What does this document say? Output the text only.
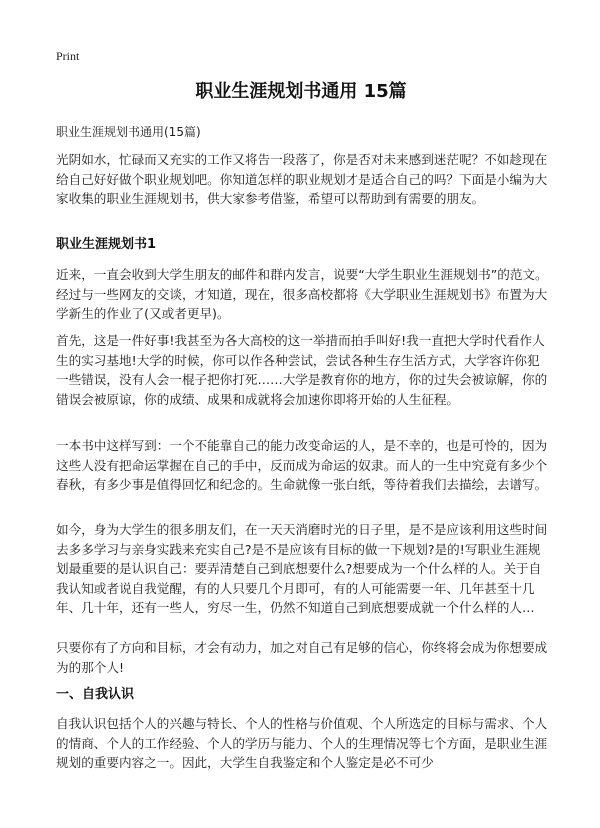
Print
职业生涯规划书通用 15篇
职业生涯规划书通用(15篇)

光阴如水，忙碌而又充实的工作又将告一段落了，你是否对未来感到迷茫呢？不如趁现在给自己好好做个职业规划吧。你知道怎样的职业规划才是适合自己的吗？下面是小编为大家收集的职业生涯规划书，供大家参考借鉴，希望可以帮助到有需要的朋友。

职业生涯规划书1

近来，一直会收到大学生朋友的邮件和群内发言，说要“大学生职业生涯规划书”的范文。经过与一些网友的交谈，才知道，现在，很多高校都将《大学职业生涯规划书》布置为大学新生的作业了(又或者更早)。

首先，这是一件好事!我甚至为各大高校的这一举措而拍手叫好!我一直把大学时代看作人生的实习基地!大学的时候，你可以作各种尝试，尝试各种生存生活方式，大学容许你犯一些错误，没有人会一棍子把你打死……大学是教育你的地方，你的过失会被谅解，你的错误会被原谅，你的成绩、成果和成就将会加速你即将开始的人生征程。

一本书中这样写到：一个不能靠自己的能力改变命运的人，是不幸的，也是可怜的，因为这些人没有把命运掌握在自己的手中，反而成为命运的奴隶。而人的一生中究竟有多少个春秋，有多少事是值得回忆和纪念的。生命就像一张白纸，等待着我们去描绘，去谱写。

如今，身为大学生的很多朋友们，在一天天消磨时光的日子里，是不是应该利用这些时间去多多学习与亲身实践来充实自己?是不是应该有目标的做一下规划?是的!写职业生涯规划最重要的是认识自己：要弄清楚自己到底想要什么?想要成为一个什么样的人。关于自我认知或者说自我觉醒，有的人只要几个月即可，有的人可能需要一年、几年甚至十几年、几十年，还有一些人，穷尽一生，仍然不知道自己到底想要成就一个什么样的人…

只要你有了方向和目标，才会有动力，加之对自己有足够的信心，你终将会成为你想要成为的那个人!

一、自我认识

自我认识包括个人的兴趣与特长、个人的性格与价值观、个人所选定的目标与需求、个人的情商、个人的工作经验、个人的学历与能力、个人的生理情况等七个方面，是职业生涯规划的重要内容之一。因此，大学生自我鉴定和个人鉴定是必不可少
